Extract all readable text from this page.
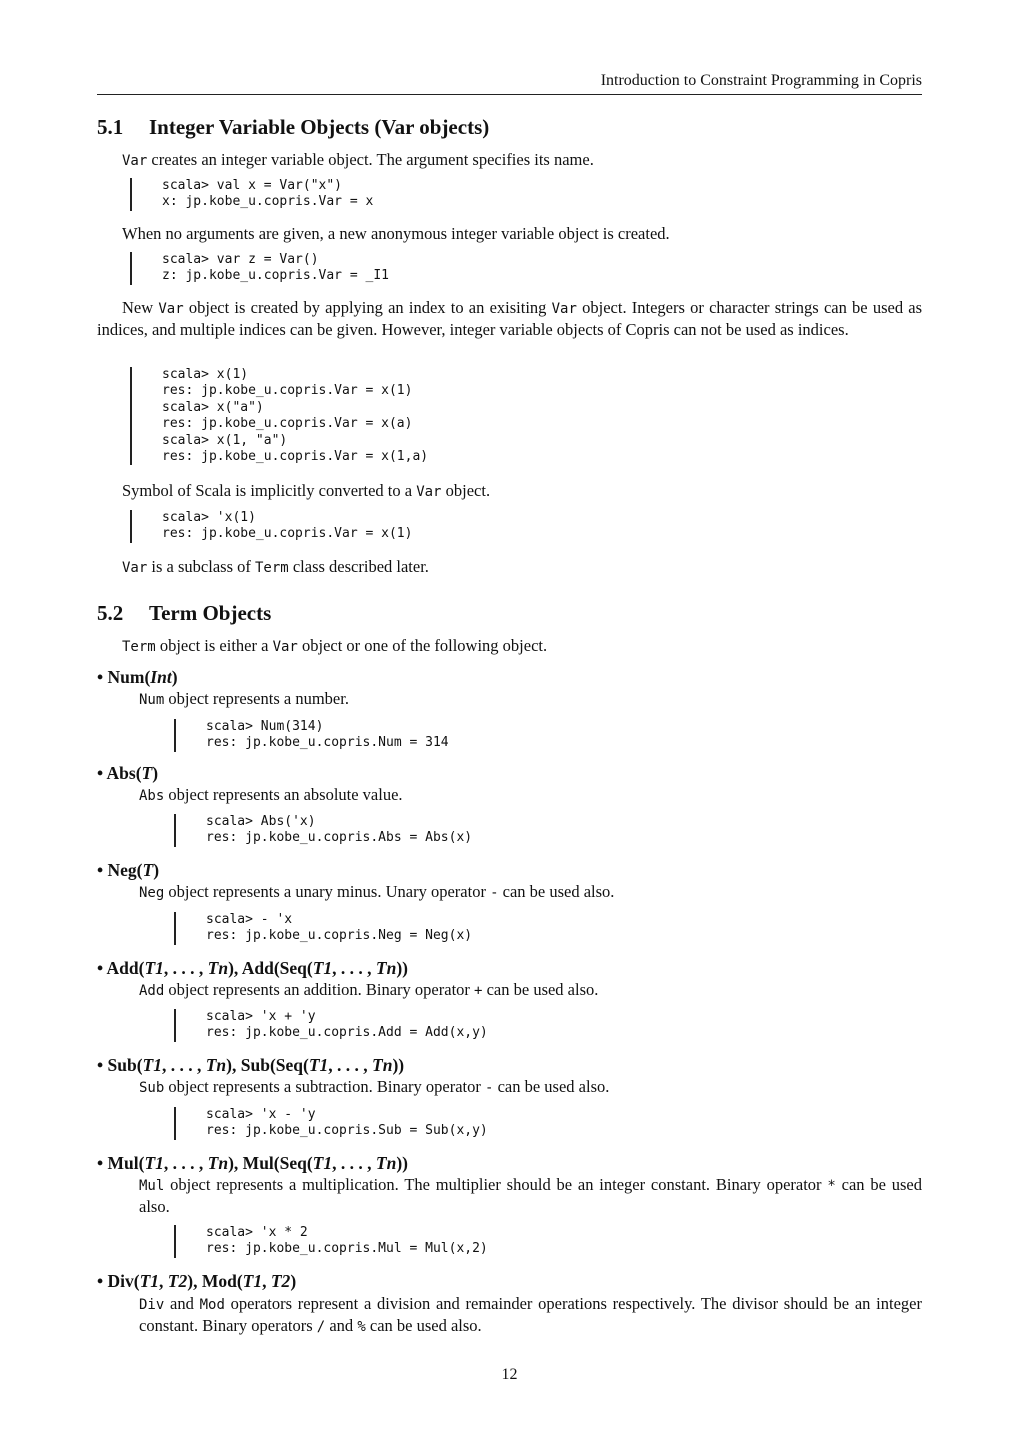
Introduction to Constraint Programming in Copris
5.1 Integer Variable Objects (Var objects)
Var creates an integer variable object. The argument specifies its name.
scala> val x = Var("x")
x: jp.kobe_u.copris.Var = x
When no arguments are given, a new anonymous integer variable object is created.
scala> var z = Var()
z: jp.kobe_u.copris.Var = _I1
New Var object is created by applying an index to an exisiting Var object. Integers or character strings can be used as indices, and multiple indices can be given. However, integer variable objects of Copris can not be used as indices.
scala> x(1)
res: jp.kobe_u.copris.Var = x(1)
scala> x("a")
res: jp.kobe_u.copris.Var = x(a)
scala> x(1, "a")
res: jp.kobe_u.copris.Var = x(1,a)
Symbol of Scala is implicitly converted to a Var object.
scala> 'x(1)
res: jp.kobe_u.copris.Var = x(1)
Var is a subclass of Term class described later.
5.2 Term Objects
Term object is either a Var object or one of the following object.
• Num(Int)
Num object represents a number.
scala> Num(314)
res: jp.kobe_u.copris.Num = 314
• Abs(T)
Abs object represents an absolute value.
scala> Abs('x)
res: jp.kobe_u.copris.Abs = Abs(x)
• Neg(T)
Neg object represents a unary minus. Unary operator - can be used also.
scala> - 'x
res: jp.kobe_u.copris.Neg = Neg(x)
• Add(T1, . . . , Tn), Add(Seq(T1, . . . , Tn))
Add object represents an addition. Binary operator + can be used also.
scala> 'x + 'y
res: jp.kobe_u.copris.Add = Add(x,y)
• Sub(T1, . . . , Tn), Sub(Seq(T1, . . . , Tn))
Sub object represents a subtraction. Binary operator - can be used also.
scala> 'x - 'y
res: jp.kobe_u.copris.Sub = Sub(x,y)
• Mul(T1, . . . , Tn), Mul(Seq(T1, . . . , Tn))
Mul object represents a multiplication. The multiplier should be an integer constant. Binary operator * can be used also.
scala> 'x * 2
res: jp.kobe_u.copris.Mul = Mul(x,2)
• Div(T1, T2), Mod(T1, T2)
Div and Mod operators represent a division and remainder operations respectively. The divisor should be an integer constant. Binary operators / and % can be used also.
12
